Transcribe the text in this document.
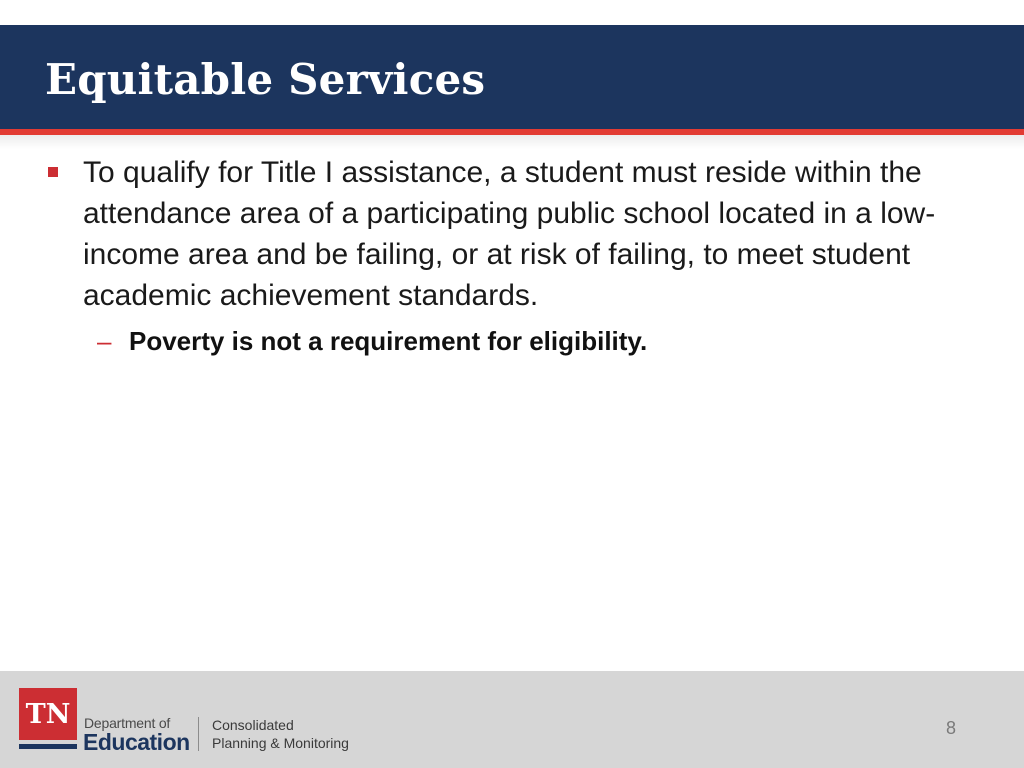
Equitable Services

To qualify for Title I assistance, a student must reside within the attendance area of a participating public school located in a low-income area and be failing, or at risk of failing, to meet student academic achievement standards.

– Poverty is not a requirement for eligibility.

TN Department of
Education
Consolidated
Planning & Monitoring
8
